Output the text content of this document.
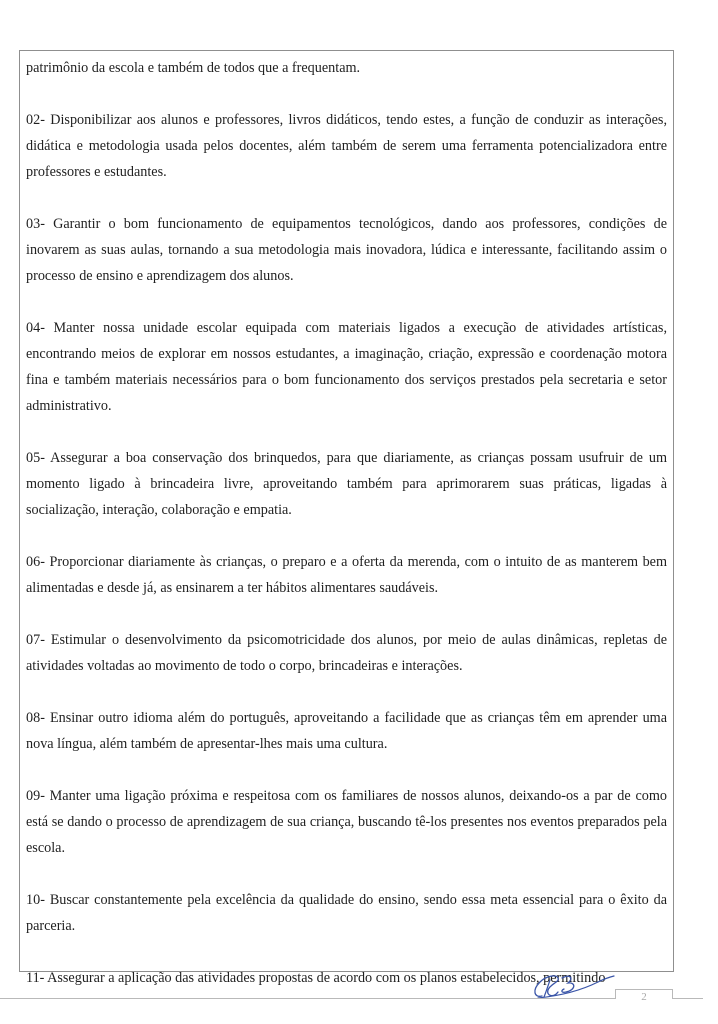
patrimônio da escola e também de todos que a frequentam.

02- Disponibilizar aos alunos e professores, livros didáticos, tendo estes, a função de conduzir as interações, didática e metodologia usada pelos docentes, além também de serem uma ferramenta potencializadora entre professores e estudantes.

03- Garantir o bom funcionamento de equipamentos tecnológicos, dando aos professores, condições de inovarem as suas aulas, tornando a sua metodologia mais inovadora, lúdica e interessante, facilitando assim o processo de ensino e aprendizagem dos alunos.

04- Manter nossa unidade escolar equipada com materiais ligados a execução de atividades artísticas, encontrando meios de explorar em nossos estudantes, a imaginação, criação, expressão e coordenação motora fina e também materiais necessários para o bom funcionamento dos serviços prestados pela secretaria e setor administrativo.

05- Assegurar a boa conservação dos brinquedos, para que diariamente, as crianças possam usufruir de um momento ligado à brincadeira livre, aproveitando também para aprimorarem suas práticas, ligadas à socialização, interação, colaboração e empatia.

06- Proporcionar diariamente às crianças, o preparo e a oferta da merenda, com o intuito de as manterem bem alimentadas e desde já, as ensinarem a ter hábitos alimentares saudáveis.

07- Estimular o desenvolvimento da psicomotricidade dos alunos, por meio de aulas dinâmicas, repletas de atividades voltadas ao movimento de todo o corpo, brincadeiras e interações.

08- Ensinar outro idioma além do português, aproveitando a facilidade que as crianças têm em aprender uma nova língua, além também de apresentar-lhes mais uma cultura.

09- Manter uma ligação próxima e respeitosa com os familiares de nossos alunos, deixando-os a par de como está se dando o processo de aprendizagem de sua criança, buscando tê-los presentes nos eventos preparados pela escola.

10- Buscar constantemente pela excelência da qualidade do ensino, sendo essa meta essencial para o êxito da parceria.

11- Assegurar a aplicação das atividades propostas de acordo com os planos estabelecidos, permitindo

2
